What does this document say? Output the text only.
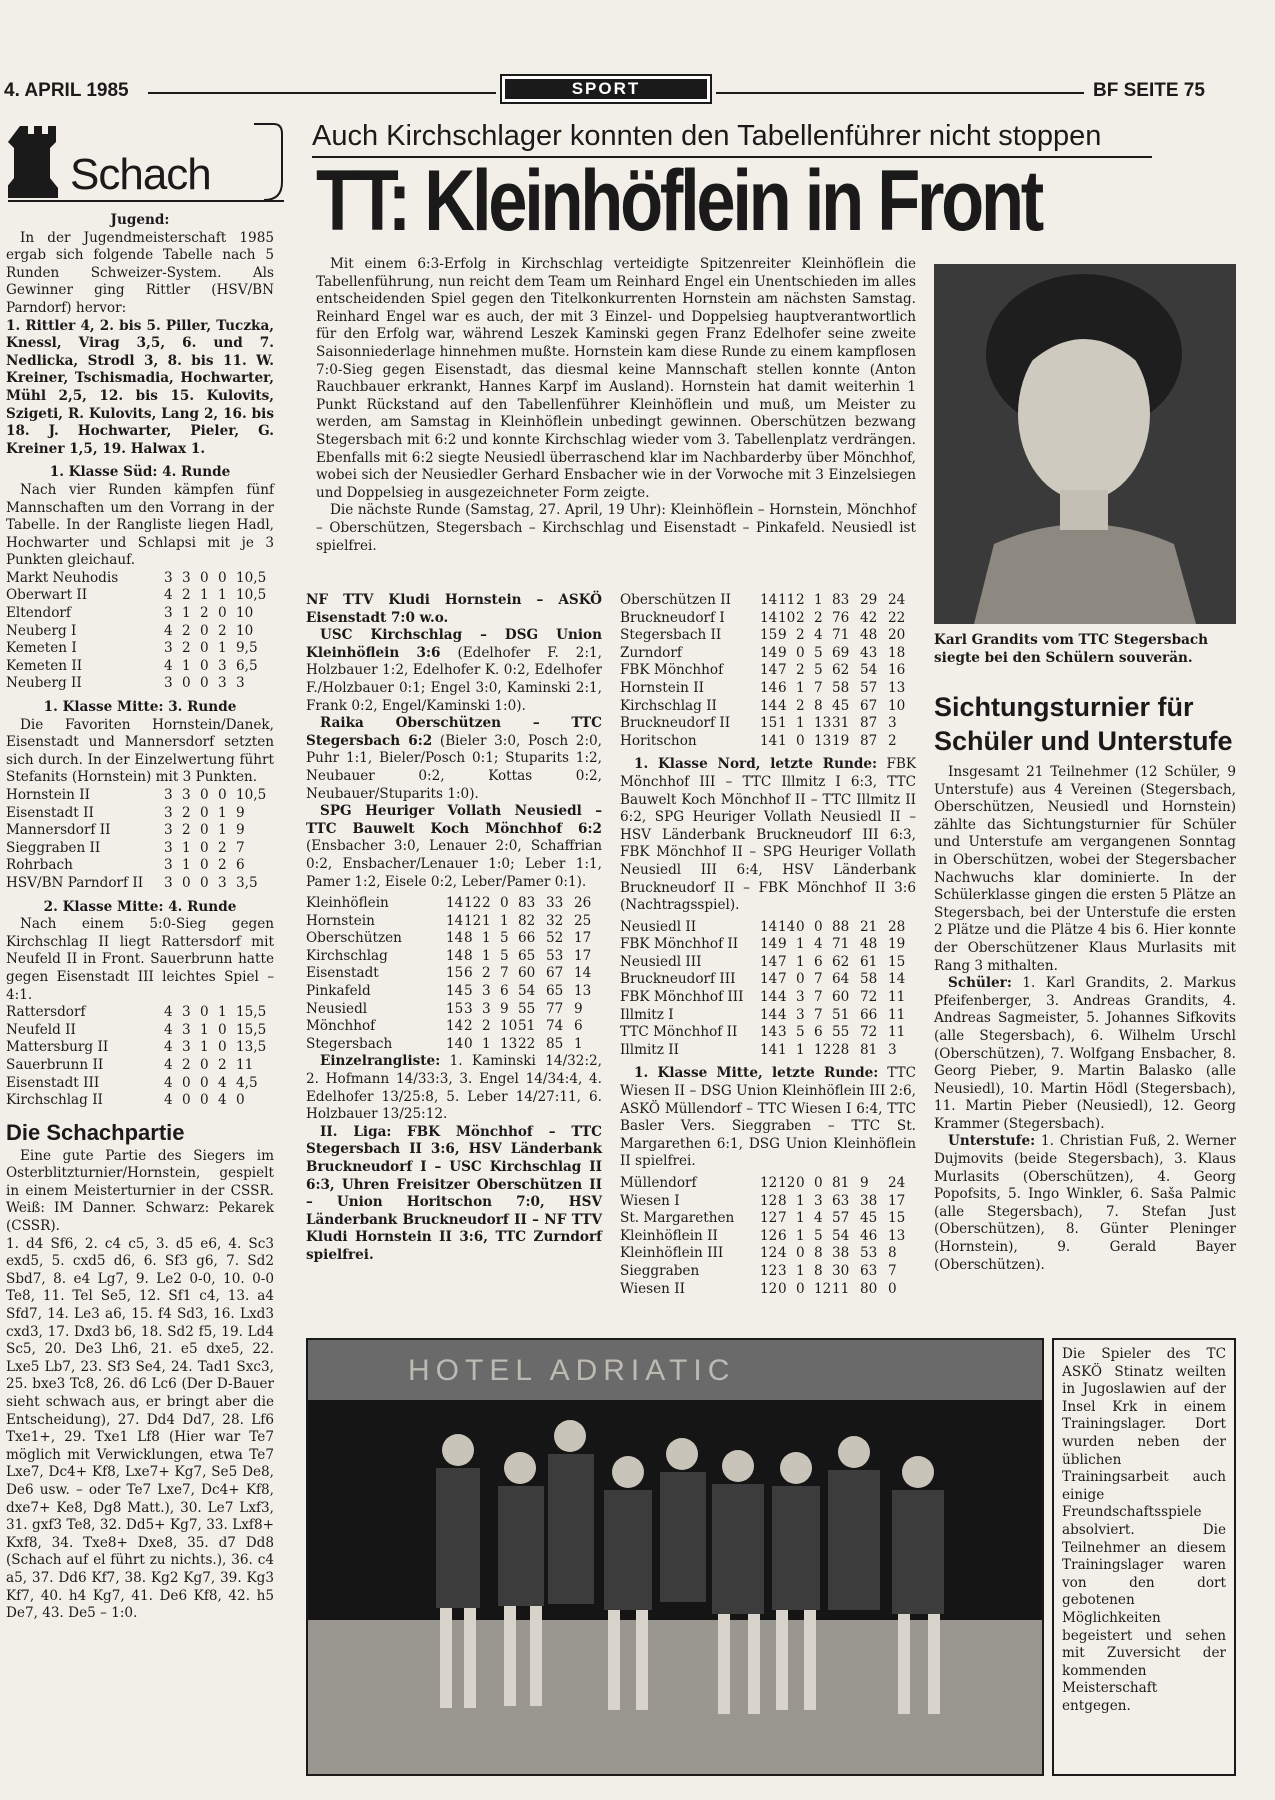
4. APRIL 1985	SPORT	BF SEITE 75
Schach

Jugend:

In der Jugendmeisterschaft 1985 ergab sich folgende Tabelle nach 5 Runden Schweizer-System. Als Gewinner ging Rittler (HSV/BN Parndorf) hervor:

1. Rittler 4, 2. bis 5. Piller, Tuczka, Knessl, Virag 3,5, 6. und 7. Nedlicka, Strodl 3, 8. bis 11. W. Kreiner, Tschismadia, Hochwarter, Mühl 2,5, 12. bis 15. Kulovits, Szigeti, R. Kulovits, Lang 2, 16. bis 18. J. Hochwarter, Pieler, G. Kreiner 1,5, 19. Halwax 1.

1. Klasse Süd: 4. Runde

Nach vier Runden kämpfen fünf Mannschaften um den Vorrang in der Tabelle. In der Rangliste liegen Hadl, Hochwarter und Schlapsi mit je 3 Punkten gleichauf.

Markt Neuhodis	3	3	0	0	10,5
Oberwart II	4	2	1	1	10,5
Eltendorf	3	1	2	0	10
Neuberg I	4	2	0	2	10
Kemeten I	3	2	0	1	9,5
Kemeten II	4	1	0	3	6,5
Neuberg II	3	0	0	3	3

1. Klasse Mitte: 3. Runde

Die Favoriten Hornstein/Danek, Eisenstadt und Mannersdorf setzten sich durch. In der Einzelwertung führt Stefanits (Hornstein) mit 3 Punkten.

Hornstein II	3	3	0	0	10,5
Eisenstadt II	3	2	0	1	9
Mannersdorf II	3	2	0	1	9
Sieggraben II	3	1	0	2	7
Rohrbach	3	1	0	2	6
HSV/BN Parndorf II	3	0	0	3	3,5

2. Klasse Mitte: 4. Runde

Nach einem 5:0-Sieg gegen Kirchschlag II liegt Rattersdorf mit Neufeld II in Front. Sauerbrunn hatte gegen Eisenstadt III leichtes Spiel – 4:1.

Rattersdorf	4	3	0	1	15,5
Neufeld II	4	3	1	0	15,5
Mattersburg II	4	3	1	0	13,5
Sauerbrunn II	4	2	0	2	11
Eisenstadt III	4	0	0	4	4,5
Kirchschlag II	4	0	0	4	0

Die Schachpartie

Eine gute Partie des Siegers im Osterblitzturnier/Hornstein, gespielt in einem Meisterturnier in der CSSR. Weiß: IM Danner. Schwarz: Pekarek (CSSR).

1. d4 Sf6, 2. c4 c5, 3. d5 e6, 4. Sc3 exd5, 5. cxd5 d6, 6. Sf3 g6, 7. Sd2 Sbd7, 8. e4 Lg7, 9. Le2 0-0, 10. 0-0 Te8, 11. Tel Se5, 12. Sf1 c4, 13. a4 Sfd7, 14. Le3 a6, 15. f4 Sd3, 16. Lxd3 cxd3, 17. Dxd3 b6, 18. Sd2 f5, 19. Ld4 Sc5, 20. De3 Lh6, 21. e5 dxe5, 22. Lxe5 Lb7, 23. Sf3 Se4, 24. Tad1 Sxc3, 25. bxe3 Tc8, 26. d6 Lc6 (Der D-Bauer sieht schwach aus, er bringt aber die Entscheidung), 27. Dd4 Dd7, 28. Lf6 Txe1+, 29. Txe1 Lf8 (Hier war Te7 möglich mit Verwicklungen, etwa Te7 Lxe7, Dc4+ Kf8, Lxe7+ Kg7, Se5 De8, De6 usw. – oder Te7 Lxe7, Dc4+ Kf8, dxe7+ Ke8, Dg8 Matt.), 30. Le7 Lxf3, 31. gxf3 Te8, 32. Dd5+ Kg7, 33. Lxf8+ Kxf8, 34. Txe8+ Dxe8, 35. d7 Dd8 (Schach auf el führt zu nichts.), 36. c4 a5, 37. Dd6 Kf7, 38. Kg2 Kg7, 39. Kg3 Kf7, 40. h4 Kg7, 41. De6 Kf8, 42. h5 De7, 43. De5 – 1:0.

Auch Kirchschlager konnten den Tabellenführer nicht stoppen
TT: Kleinhöflein in Front

Mit einem 6:3-Erfolg in Kirchschlag verteidigte Spitzenreiter Kleinhöflein die Tabellenführung, nun reicht dem Team um Reinhard Engel ein Unentschieden im alles entscheidenden Spiel gegen den Titelkonkurrenten Hornstein am nächsten Samstag. Reinhard Engel war es auch, der mit 3 Einzel- und Doppelsieg hauptverantwortlich für den Erfolg war, während Leszek Kaminski gegen Franz Edelhofer seine zweite Saisonniederlage hinnehmen mußte. Hornstein kam diese Runde zu einem kampflosen 7:0-Sieg gegen Eisenstadt, das diesmal keine Mannschaft stellen konnte (Anton Rauchbauer erkrankt, Hannes Karpf im Ausland). Hornstein hat damit weiterhin 1 Punkt Rückstand auf den Tabellenführer Kleinhöflein und muß, um Meister zu werden, am Samstag in Kleinhöflein unbedingt gewinnen. Oberschützen bezwang Stegersbach mit 6:2 und konnte Kirchschlag wieder vom 3. Tabellenplatz verdrängen. Ebenfalls mit 6:2 siegte Neusiedl überraschend klar im Nachbarderby über Mönchhof, wobei sich der Neusiedler Gerhard Ensbacher wie in der Vorwoche mit 3 Einzelsiegen und Doppelsieg in ausgezeichneter Form zeigte.

Die nächste Runde (Samstag, 27. April, 19 Uhr): Kleinhöflein – Hornstein, Mönchhof – Oberschützen, Stegersbach – Kirchschlag und Eisenstadt – Pinkafeld. Neusiedl ist spielfrei.

Karl Grandits vom TTC Stegersbach siegte bei den Schülern souverän.

NF TTV Kludi Hornstein – ASKÖ Eisenstadt 7:0 w.o.

USC Kirchschlag – DSG Union Kleinhöflein 3:6 (Edelhofer F. 2:1, Holzbauer 1:2, Edelhofer K. 0:2, Edelhofer F./Holzbauer 0:1; Engel 3:0, Kaminski 2:1, Frank 0:2, Engel/Kaminski 1:0).

Raika Oberschützen – TTC Stegersbach 6:2 (Bieler 3:0, Posch 2:0, Puhr 1:1, Bieler/Posch 0:1; Stuparits 1:2, Neubauer 0:2, Kottas 0:2, Neubauer/Stuparits 1:0).

SPG Heuriger Vollath Neusiedl – TTC Bauwelt Koch Mönchhof 6:2 (Ensbacher 3:0, Lenauer 2:0, Schaffrian 0:2, Ensbacher/Lenauer 1:0; Leber 1:1, Pamer 1:2, Eisele 0:2, Leber/Pamer 0:1).

Kleinhöflein	14	12	2	0	83	33	26
Hornstein	14	12	1	1	82	32	25
Oberschützen	14	8	1	5	66	52	17
Kirchschlag	14	8	1	5	65	53	17
Eisenstadt	15	6	2	7	60	67	14
Pinkafeld	14	5	3	6	54	65	13
Neusiedl	15	3	3	9	55	77	9
Mönchhof	14	2	2	10	51	74	6
Stegersbach	14	0	1	13	22	85	1

Einzelrangliste: 1. Kaminski 14/32:2, 2. Hofmann 14/33:3, 3. Engel 14/34:4, 4. Edelhofer 13/25:8, 5. Leber 14/27:11, 6. Holzbauer 13/25:12.

II. Liga: FBK Mönchhof – TTC Stegersbach II 3:6, HSV Länderbank Bruckneudorf I – USC Kirchschlag II 6:3, Uhren Freisitzer Oberschützen II – Union Horitschon 7:0, HSV Länderbank Bruckneudorf II – NF TTV Kludi Hornstein II 3:6, TTC Zurndorf spielfrei.

Oberschützen II	14	11	2	1	83	29	24
Bruckneudorf I	14	10	2	2	76	42	22
Stegersbach II	15	9	2	4	71	48	20
Zurndorf	14	9	0	5	69	43	18
FBK Mönchhof	14	7	2	5	62	54	16
Hornstein II	14	6	1	7	58	57	13
Kirchschlag II	14	4	2	8	45	67	10
Bruckneudorf II	15	1	1	13	31	87	3
Horitschon	14	1	0	13	19	87	2

1. Klasse Nord, letzte Runde: FBK Mönchhof III – TTC Illmitz I 6:3, TTC Bauwelt Koch Mönchhof II – TTC Illmitz II 6:2, SPG Heuriger Vollath Neusiedl II – HSV Länderbank Bruckneudorf III 6:3, FBK Mönchhof II – SPG Heuriger Vollath Neusiedl III 6:4, HSV Länderbank Bruckneudorf II – FBK Mönchhof II 3:6 (Nachtragsspiel).

Neusiedl II	14	14	0	0	88	21	28
FBK Mönchhof II	14	9	1	4	71	48	19
Neusiedl III	14	7	1	6	62	61	15
Bruckneudorf III	14	7	0	7	64	58	14
FBK Mönchhof III	14	4	3	7	60	72	11
Illmitz I	14	4	3	7	51	66	11
TTC Mönchhof II	14	3	5	6	55	72	11
Illmitz II	14	1	1	12	28	81	3

1. Klasse Mitte, letzte Runde: TTC Wiesen II – DSG Union Kleinhöflein III 2:6, ASKÖ Müllendorf – TTC Wiesen I 6:4, TTC Basler Vers. Sieggraben – TTC St. Margarethen 6:1, DSG Union Kleinhöflein II spielfrei.

Müllendorf	12	12	0	0	81	9	24
Wiesen I	12	8	1	3	63	38	17
St. Margarethen	12	7	1	4	57	45	15
Kleinhöflein II	12	6	1	5	54	46	13
Kleinhöflein III	12	4	0	8	38	53	8
Sieggraben	12	3	1	8	30	63	7
Wiesen II	12	0	0	12	11	80	0

Sichtungsturnier für Schüler und Unterstufe

Insgesamt 21 Teilnehmer (12 Schüler, 9 Unterstufe) aus 4 Vereinen (Stegersbach, Oberschützen, Neusiedl und Hornstein) zählte das Sichtungsturnier für Schüler und Unterstufe am vergangenen Sonntag in Oberschützen, wobei der Stegersbacher Nachwuchs klar dominierte. In der Schülerklasse gingen die ersten 5 Plätze an Stegersbach, bei der Unterstufe die ersten 2 Plätze und die Plätze 4 bis 6. Hier konnte der Oberschützener Klaus Murlasits mit Rang 3 mithalten.

Schüler: 1. Karl Grandits, 2. Markus Pfeifenberger, 3. Andreas Grandits, 4. Andreas Sagmeister, 5. Johannes Sifkovits (alle Stegersbach), 6. Wilhelm Urschl (Oberschützen), 7. Wolfgang Ensbacher, 8. Georg Pieber, 9. Martin Balasko (alle Neusiedl), 10. Martin Hödl (Stegersbach), 11. Martin Pieber (Neusiedl), 12. Georg Krammer (Stegersbach).

Unterstufe: 1. Christian Fuß, 2. Werner Dujmovits (beide Stegersbach), 3. Klaus Murlasits (Oberschützen), 4. Georg Popofsits, 5. Ingo Winkler, 6. Saša Palmic (alle Stegersbach), 7. Stefan Just (Oberschützen), 8. Günter Pleninger (Hornstein), 9. Gerald Bayer (Oberschützen).

HOTEL ADRIATIC	Die Spieler des TC ASKÖ Stinatz weilten in Jugoslawien auf der Insel Krk in einem Trainingslager. Dort wurden neben der üblichen Trainingsarbeit auch einige Freundschaftsspiele absolviert. Die Teilnehmer an diesem Trainingslager waren von den dort gebotenen Möglichkeiten begeistert und sehen mit Zuversicht der kommenden Meisterschaft entgegen.
